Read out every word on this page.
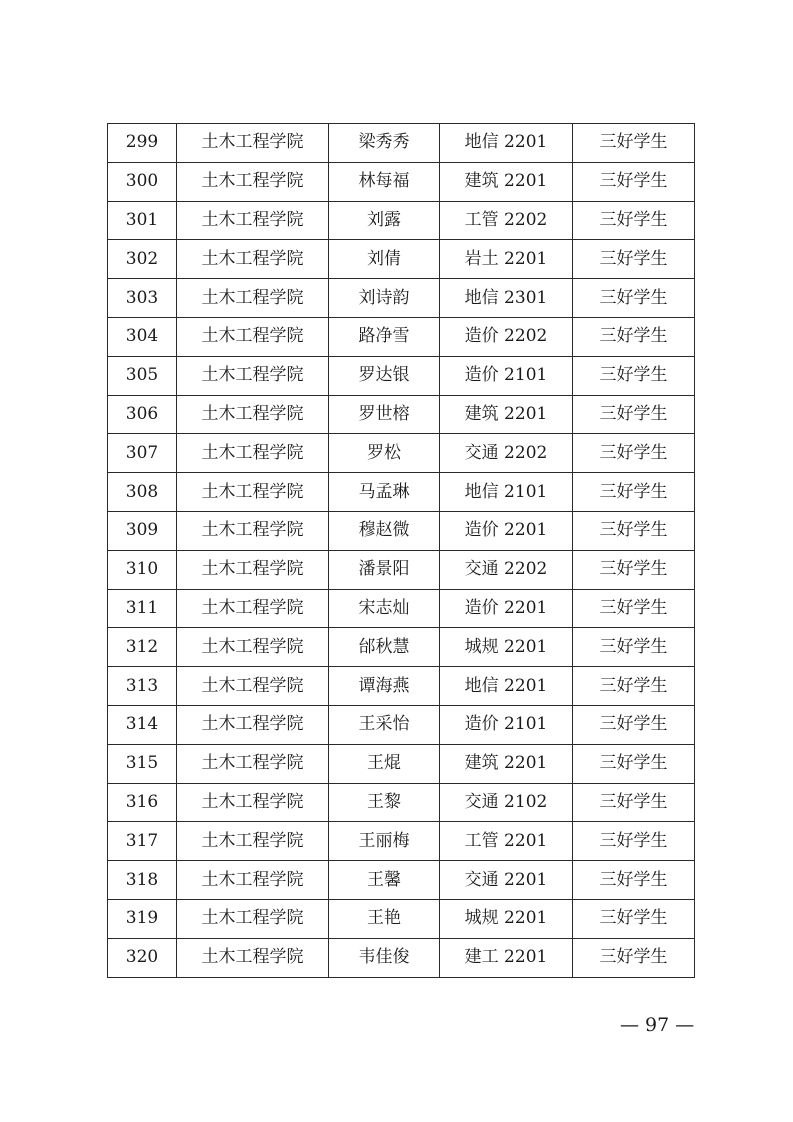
299	土木工程学院	梁秀秀	地信 2201	三好学生
300	土木工程学院	林每福	建筑 2201	三好学生
301	土木工程学院	刘露	工管 2202	三好学生
302	土木工程学院	刘倩	岩土 2201	三好学生
303	土木工程学院	刘诗韵	地信 2301	三好学生
304	土木工程学院	路净雪	造价 2202	三好学生
305	土木工程学院	罗达银	造价 2101	三好学生
306	土木工程学院	罗世榕	建筑 2201	三好学生
307	土木工程学院	罗松	交通 2202	三好学生
308	土木工程学院	马孟琳	地信 2101	三好学生
309	土木工程学院	穆赵微	造价 2201	三好学生
310	土木工程学院	潘景阳	交通 2202	三好学生
311	土木工程学院	宋志灿	造价 2201	三好学生
312	土木工程学院	邰秋慧	城规 2201	三好学生
313	土木工程学院	谭海燕	地信 2201	三好学生
314	土木工程学院	王采怡	造价 2101	三好学生
315	土木工程学院	王焜	建筑 2201	三好学生
316	土木工程学院	王黎	交通 2102	三好学生
317	土木工程学院	王丽梅	工管 2201	三好学生
318	土木工程学院	王馨	交通 2201	三好学生
319	土木工程学院	王艳	城规 2201	三好学生
320	土木工程学院	韦佳俊	建工 2201	三好学生
— 97 —
